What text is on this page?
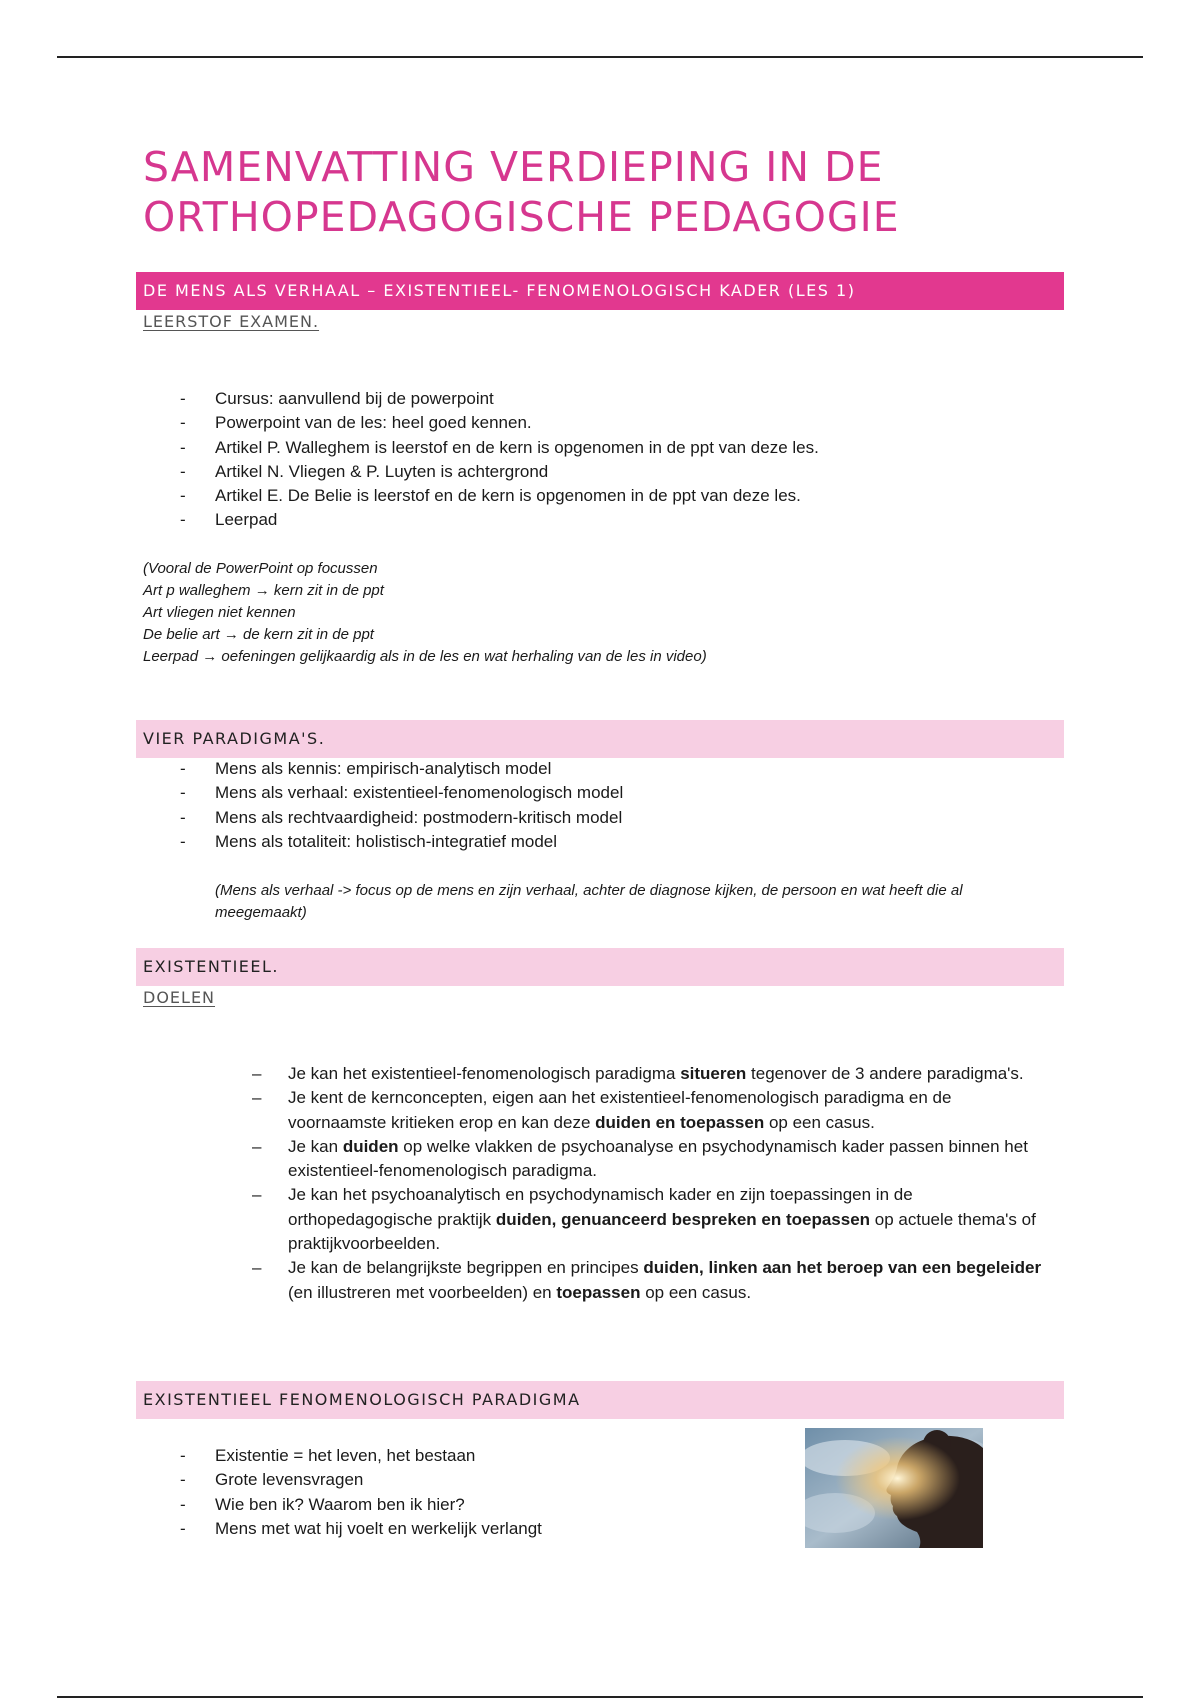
SAMENVATTING VERDIEPING IN DE
ORTHOPEDAGOGISCHE PEDAGOGIE
DE MENS ALS VERHAAL – EXISTENTIEEL- FENOMENOLOGISCH KADER (LES 1)
LEERSTOF EXAMEN.
- Cursus: aanvullend bij de powerpoint
- Powerpoint van de les: heel goed kennen.
- Artikel P. Walleghem is leerstof en de kern is opgenomen in de ppt van deze les.
- Artikel N. Vliegen & P. Luyten is achtergrond
- Artikel E. De Belie is leerstof en de kern is opgenomen in de ppt van deze les.
- Leerpad
(Vooral de PowerPoint op focussen
Art p walleghem → kern zit in de ppt
Art vliegen niet kennen
De belie art → de kern zit in de ppt
Leerpad → oefeningen gelijkaardig als in de les en wat herhaling van de les in video)
VIER PARADIGMA'S.
- Mens als kennis: empirisch-analytisch model
- Mens als verhaal: existentieel-fenomenologisch model
- Mens als rechtvaardigheid: postmodern-kritisch model
- Mens als totaliteit: holistisch-integratief model
(Mens als verhaal -> focus op de mens en zijn verhaal, achter de diagnose kijken, de persoon en wat heeft die al meegemaakt)
EXISTENTIEEL.
DOELEN
– Je kan het existentieel-fenomenologisch paradigma situeren tegenover de 3 andere paradigma's.
– Je kent de kernconcepten, eigen aan het existentieel-fenomenologisch paradigma en de voornaamste kritieken erop en kan deze duiden en toepassen op een casus.
– Je kan duiden op welke vlakken de psychoanalyse en psychodynamisch kader passen binnen het existentieel-fenomenologisch paradigma.
– Je kan het psychoanalytisch en psychodynamisch kader en zijn toepassingen in de orthopedagogische praktijk duiden, genuanceerd bespreken en toepassen op actuele thema's of praktijkvoorbeelden.
– Je kan de belangrijkste begrippen en principes duiden, linken aan het beroep van een begeleider (en illustreren met voorbeelden) en toepassen op een casus.
EXISTENTIEEL FENOMENOLOGISCH PARADIGMA
- Existentie = het leven, het bestaan
- Grote levensvragen
- Wie ben ik? Waarom ben ik hier?
- Mens met wat hij voelt en werkelijk verlangt
